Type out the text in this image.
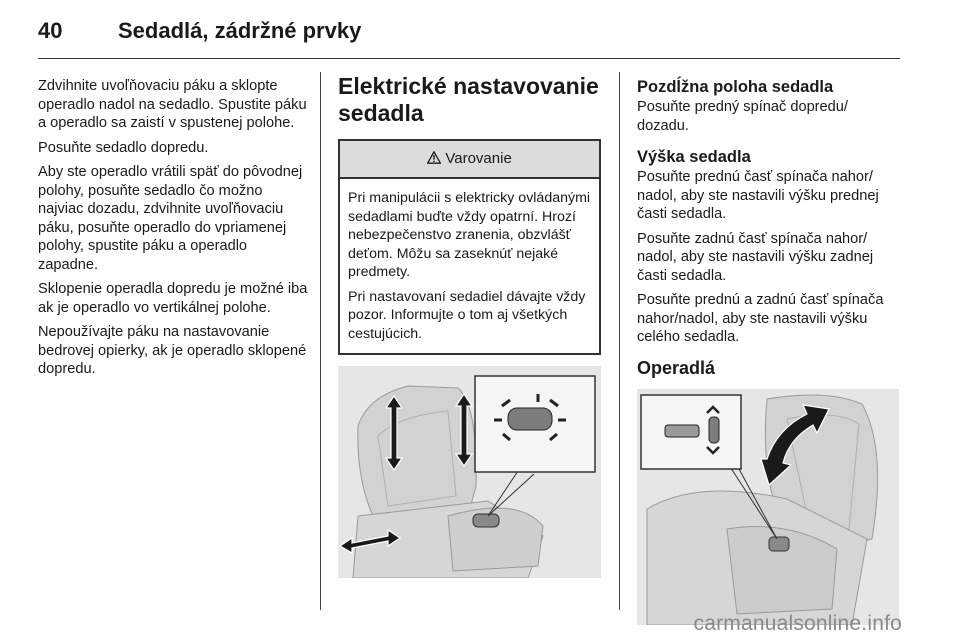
40	Sedadlá, zádržné prvky

Zdvihnite uvoľňovaciu páku a sklopte operadlo nadol na sedadlo. Spustite páku a operadlo sa zaistí v spustenej polohe.

Posuňte sedadlo dopredu.

Aby ste operadlo vrátili späť do pôvodnej polohy, posuňte sedadlo čo možno najviac dozadu, zdvihnite uvoľňovaciu páku, posuňte operadlo do vpriamenej polohy, spustite páku a operadlo zapadne.

Sklopenie operadla dopredu je možné iba ak je operadlo vo vertikálnej polohe.

Nepoužívajte páku na nastavovanie bedrovej opierky, ak je operadlo sklopené dopredu.

Elektrické nastavovanie sedadla
Varovanie

Pri manipulácii s elektricky ovládanými sedadlami buďte vždy opatrní. Hrozí nebezpečenstvo zranenia, obzvlášť deťom. Môžu sa zaseknúť nejaké predmety.

Pri nastavovaní sedadiel dávajte vždy pozor. Informujte o tom aj všetkých cestujúcich.

Pozdĺžna poloha sedadla

Posuňte predný spínač dopredu/ dozadu.

Výška sedadla

Posuňte prednú časť spínača nahor/ nadol, aby ste nastavili výšku prednej časti sedadla.

Posuňte zadnú časť spínača nahor/ nadol, aby ste nastavili výšku zadnej časti sedadla.

Posuňte prednú a zadnú časť spínača nahor/nadol, aby ste nastavili výšku celého sedadla.

Operadlá
carmanualsonline.info
